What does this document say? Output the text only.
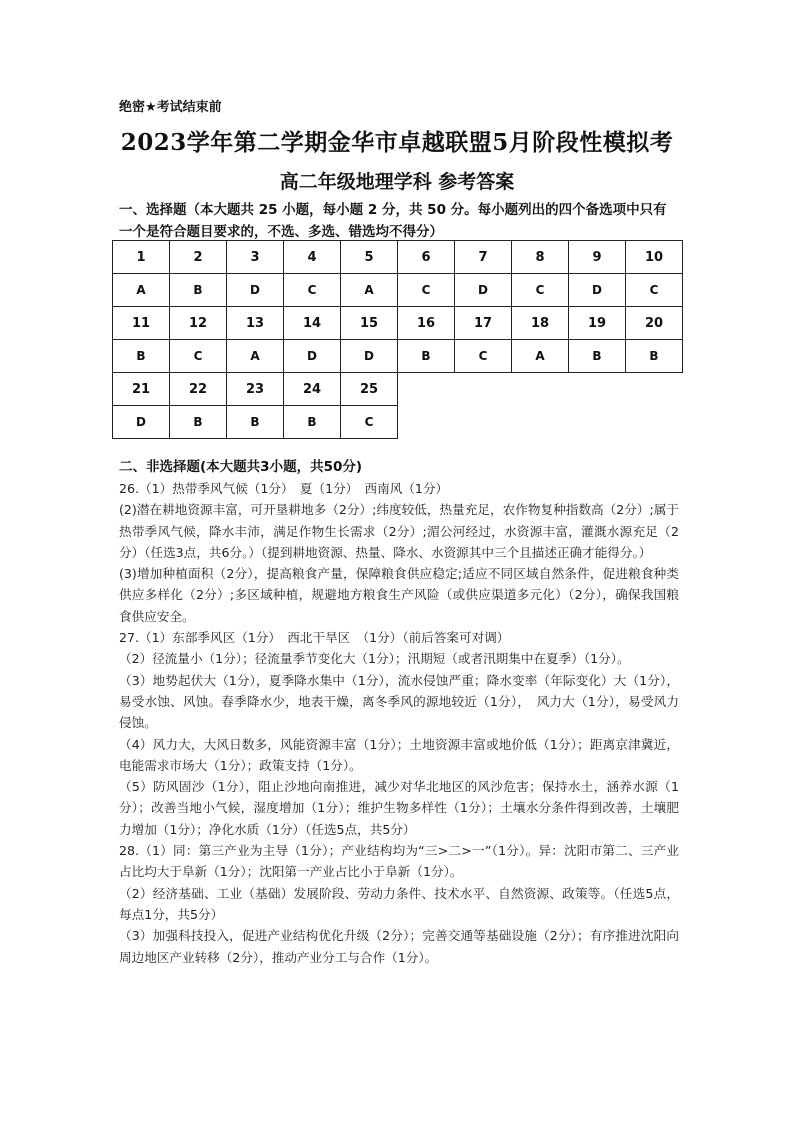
绝密★考试结束前
2023学年第二学期金华市卓越联盟5月阶段性模拟考
高二年级地理学科 参考答案
一、选择题（本大题共 25 小题，每小题 2 分，共 50 分。每小题列出的四个备选项中只有一个是符合题目要求的，不选、多选、错选均不得分）
1	2	3	4	5	6	7	8	9	10
A	B	D	C	A	C	D	C	D	C
11	12	13	14	15	16	17	18	19	20
B	C	A	D	D	B	C	A	B	B
21	22	23	24	25					
D	B	B	B	C					
二、非选择题(本大题共3小题，共50分)

26.（1）热带季风气候（1分）　夏（1分）　西南风（1分）

(2)潜在耕地资源丰富，可开垦耕地多（2分）;纬度较低，热量充足，农作物复种指数高（2分）;属于热带季风气候，降水丰沛，满足作物生长需求（2分）;湄公河经过，水资源丰富，灌溉水源充足（2分）（任选3点，共6分。）（提到耕地资源、热量、降水、水资源其中三个且描述正确才能得分。）

(3)增加种植面积（2分），提高粮食产量，保障粮食供应稳定;适应不同区域自然条件，促进粮食种类供应多样化（2分）;多区域种植，规避地方粮食生产风险（或供应渠道多元化）（2分），确保我国粮食供应安全。

27.（1）东部季风区（1分）　西北干旱区　（1分）（前后答案可对调）

（2）径流量小（1分）；径流量季节变化大（1分）；汛期短（或者汛期集中在夏季）（1分）。

（3）地势起伏大（1分），夏季降水集中（1分），流水侵蚀严重；降水变率（年际变化）大（1分），易受水蚀、风蚀。春季降水少，地表干燥，离冬季风的源地较近（1分），　风力大（1分），易受风力侵蚀。

（4）风力大，大风日数多，风能资源丰富（1分）；土地资源丰富或地价低（1分）；距离京津冀近，电能需求市场大（1分）；政策支持（1分）。

（5）防风固沙（1分），阻止沙地向南推进，减少对华北地区的风沙危害；保持水土，涵养水源（1分）；改善当地小气候，湿度增加（1分）；维护生物多样性（1分）；土壤水分条件得到改善，土壤肥力增加（1分）；净化水质（1分）（任选5点，共5分）

28.（1）同：第三产业为主导（1分）；产业结构均为“三>二>一”（1分）。异：沈阳市第二、三产业占比均大于阜新（1分）；沈阳第一产业占比小于阜新（1分）。

（2）经济基础、工业（基础）发展阶段、劳动力条件、技术水平、自然资源、政策等。（任选5点，每点1分，共5分）

（3）加强科技投入，促进产业结构优化升级（2分）；完善交通等基础设施（2分）；有序推进沈阳向周边地区产业转移（2分），推动产业分工与合作（1分）。
